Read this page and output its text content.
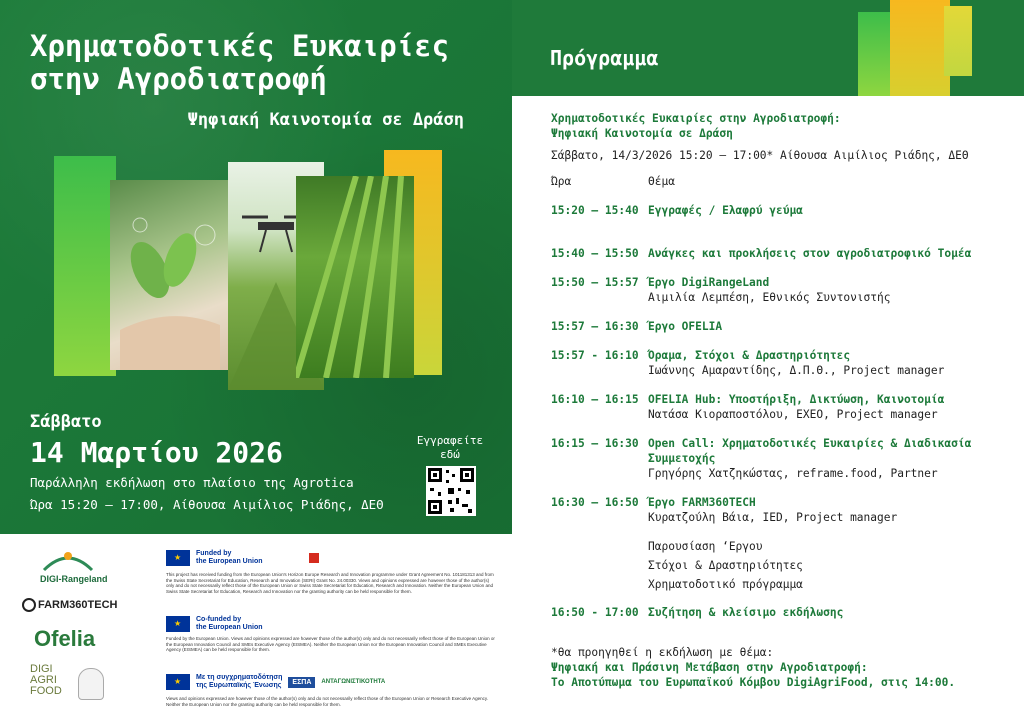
Χρηματοδοτικές Ευκαιρίες
στην Αγροδιατροφή
Ψηφιακή Καινοτομία σε Δράση
Σάββατο
14 Μαρτίου 2026
Παράλληλη εκδήλωση στο πλαίσιο της Agrotica
Ώρα 15:20 – 17:00, Αίθουσα Αιμίλιος Ριάδης, ΔΕΘ
Εγγραφείτε
εδώ
DIGI-Rangeland
FARM360TECH
Ofelia
DIGI
AGRI
FOOD
★
Funded by
the European Union
This project has received funding from the European Union's Horizon Europe Research and Innovation programme under Grant Agreement No. 101181313 and from the Swiss State Secretariat for Education, Research and Innovation (SERI) Grant No. 24.00330. Views and opinions expressed are however those of the author(s) only and do not necessarily reflect those of the European Union or Swiss State Secretariat for Education, Research and Innovation. Neither the European Union and Swiss State Secretariat for Education, Research and Innovation nor the granting authority can be held responsible for them.
★
Co-funded by
the European Union
Funded by the European Union. Views and opinions expressed are however those of the author(s) only and do not necessarily reflect those of the European Union or the European Innovation Council and SMEs Executive Agency (EISMEA). Neither the European Union nor the European Innovation Council and SMEs Executive Agency (EISMEA) can be held responsible for them.
★
Με τη συγχρηματοδότηση
της Ευρωπαϊκής Ένωσης	ΕΣΠΑ	ΑΝΤΑΓΩΝΙΣΤΙΚΟΤΗΤΑ
Views and opinions expressed are however those of the author(s) only and do not necessarily reflect those of the European Union or Research Executive Agency. Neither the European Union nor the granting authority can be held responsible for them.
Πρόγραμμα
Χρηματοδοτικές Ευκαιρίες στην Αγροδιατροφή:
Ψηφιακή Καινοτομία σε Δράση
Σάββατο, 14/3/2026 15:20 – 17:00* Αίθουσα Αιμίλιος Ριάδης, ΔΕΘ
Ώρα	Θέμα
15:20 – 15:40 Εγγραφές / Ελαφρύ γεύμα
15:40 – 15:50 Ανάγκες και προκλήσεις στον αγροδιατροφικό Τομέα
15:50 – 15:57 Έργο DigiRangeLand
Αιμιλία Λεμπέση, Εθνικός Συντονιστής
15:57 – 16:30 Έργο OFELIA
15:57 - 16:10 Όραμα, Στόχοι & Δραστηριότητες
Ιωάννης Αμαραντίδης, Δ.Π.Θ., Project manager
16:10 – 16:15 OFELIA Hub: Υποστήριξη, Δικτύωση, Καινοτομία
Νατάσα Κιοραποστόλου, ΕΧΕΟ, Project manager
16:15 – 16:30 Open Call: Χρηματοδοτικές Ευκαιρίες & Διαδικασία
Συμμετοχής
Γρηγόρης Χατζηκώστας, reframe.food, Partner
16:30 – 16:50 Έργο FARM360TECH
Κυρατζούλη Βάια, IED, Project manager
Παρουσίαση ‘Εργου
Στόχοι & Δραστηριότητες
Χρηματοδοτικό πρόγραμμα
16:50 - 17:00 Συζήτηση & κλείσιμο εκδήλωσης
*θα προηγηθεί η εκδήλωση με θέμα:
Ψηφιακή και Πράσινη Μετάβαση στην Αγροδιατροφή:
Το Αποτύπωμα του Ευρωπαϊκού Κόμβου DigiAgriFood, στις 14:00.
